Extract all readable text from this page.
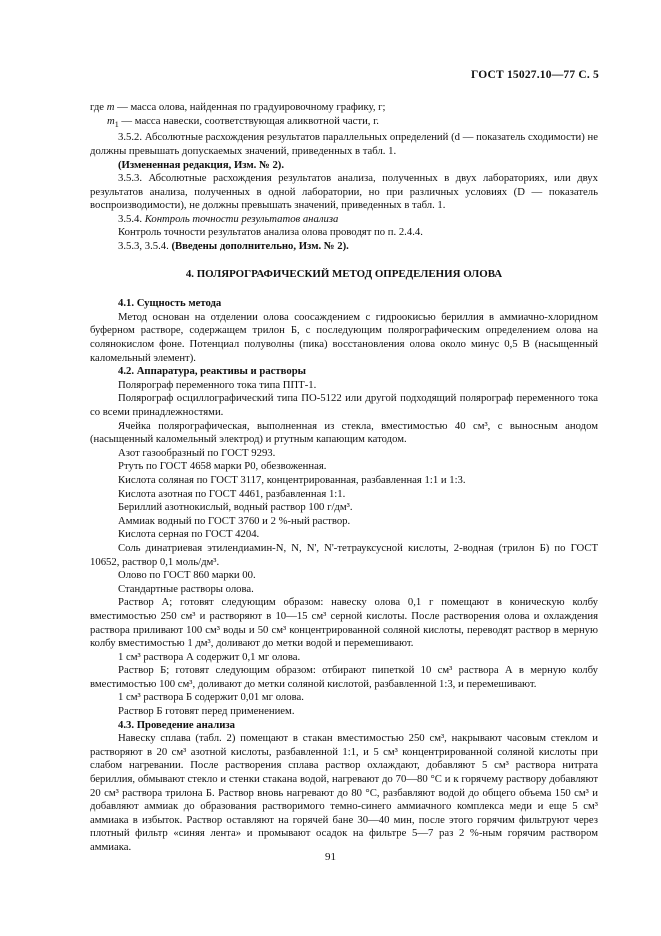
ГОСТ 15027.10—77 С. 5

где m — масса олова, найденная по градуировочному графику, г;

$m_1$ — масса навески, соответствующая аликвотной части, г.

3.5.2. Абсолютные расхождения результатов параллельных определений (d — показатель сходимости) не должны превышать допускаемых значений, приведенных в табл. 1.

(Измененная редакция, Изм. № 2).

3.5.3. Абсолютные расхождения результатов анализа, полученных в двух лабораториях, или двух результатов анализа, полученных в одной лаборатории, но при различных условиях (D — показатель воспроизводимости), не должны превышать значений, приведенных в табл. 1.

3.5.4. Контроль точности результатов анализа

Контроль точности результатов анализа олова проводят по п. 2.4.4.

3.5.3, 3.5.4. (Введены дополнительно, Изм. № 2).

4. ПОЛЯРОГРАФИЧЕСКИЙ МЕТОД ОПРЕДЕЛЕНИЯ ОЛОВА

4.1. Сущность метода

Метод основан на отделении олова соосаждением с гидроокисью бериллия в аммиачно-хлоридном буферном растворе, содержащем трилон Б, с последующим полярографическим определением олова на солянокислом фоне. Потенциал полуволны (пика) восстановления олова около минус 0,5 В (насыщенный каломельный элемент).

4.2. Аппаратура, реактивы и растворы

Полярограф переменного тока типа ППТ-1.

Полярограф осциллографический типа ПО-5122 или другой подходящий полярограф переменного тока со всеми принадлежностями.

Ячейка полярографическая, выполненная из стекла, вместимостью 40 см³, с выносным анодом (насыщенный каломельный электрод) и ртутным капающим катодом.

Азот газообразный по ГОСТ 9293.

Ртуть по ГОСТ 4658 марки Р0, обезвоженная.

Кислота соляная по ГОСТ 3117, концентрированная, разбавленная 1:1 и 1:3.

Кислота азотная по ГОСТ 4461, разбавленная 1:1.

Бериллий азотнокислый, водный раствор 100 г/дм³.

Аммиак водный по ГОСТ 3760 и 2 %-ный раствор.

Кислота серная по ГОСТ 4204.

Соль динатриевая этилендиамин-N, N, N', N'-тетрауксусной кислоты, 2-водная (трилон Б) по ГОСТ 10652, раствор 0,1 моль/дм³.

Олово по ГОСТ 860 марки 00.

Стандартные растворы олова.

Раствор А; готовят следующим образом: навеску олова 0,1 г помещают в коническую колбу вместимостью 250 см³ и растворяют в 10—15 см³ серной кислоты. После растворения олова и охлаждения раствора приливают 100 см³ воды и 50 см³ концентрированной соляной кислоты, переводят раствор в мерную колбу вместимостью 1 дм³, доливают до метки водой и перемешивают.

1 см³ раствора А содержит 0,1 мг олова.

Раствор Б; готовят следующим образом: отбирают пипеткой 10 см³ раствора А в мерную колбу вместимостью 100 см³, доливают до метки соляной кислотой, разбавленной 1:3, и перемешивают.

1 см³ раствора Б содержит 0,01 мг олова.

Раствор Б готовят перед применением.

4.3. Проведение анализа

Навеску сплава (табл. 2) помещают в стакан вместимостью 250 см³, накрывают часовым стеклом и растворяют в 20 см³ азотной кислоты, разбавленной 1:1, и 5 см³ концентрированной соляной кислоты при слабом нагревании. После растворения сплава раствор охлаждают, добавляют 5 см³ раствора нитрата бериллия, обмывают стекло и стенки стакана водой, нагревают до 70—80 °С и к горячему раствору добавляют 20 см³ раствора трилона Б. Раствор вновь нагревают до 80 °С, разбавляют водой до общего объема 150 см³ и добавляют аммиак до образования растворимого темно-синего аммиачного комплекса меди и еще 5 см³ аммиака в избыток. Раствор оставляют на горячей бане 30—40 мин, после этого горячим фильтруют через плотный фильтр «синяя лента» и промывают осадок на фильтре 5—7 раз 2 %-ным горячим раствором аммиака.

91
